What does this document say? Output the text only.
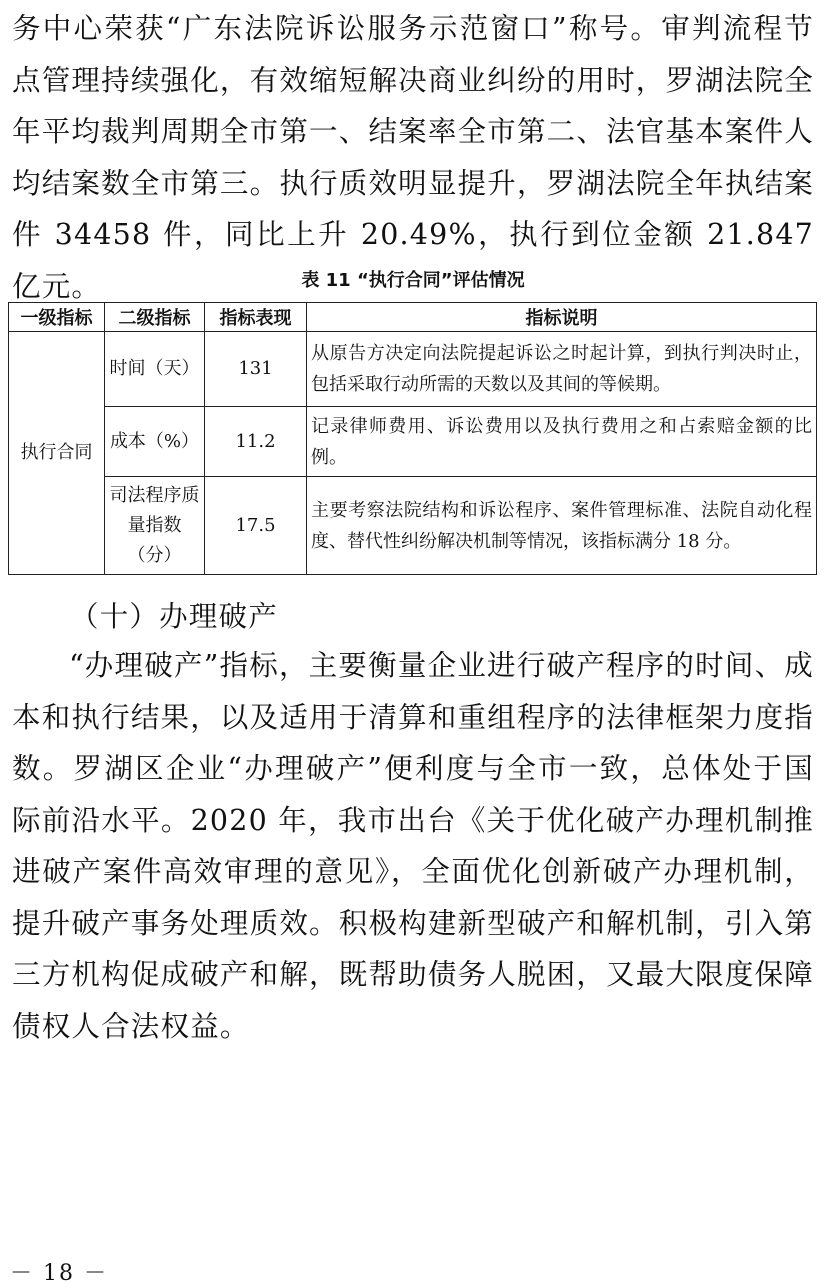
务中心荣获“广东法院诉讼服务示范窗口”称号。审判流程节点管理持续强化，有效缩短解决商业纠纷的用时，罗湖法院全年平均裁判周期全市第一、结案率全市第二、法官基本案件人均结案数全市第三。执行质效明显提升，罗湖法院全年执结案件 34458 件，同比上升 20.49%，执行到位金额 21.847 亿元。	表 11 “执行合同”评估情况
一级指标	二级指标	指标表现	指标说明
执行合同	时间（天）	131	从原告方决定向法院提起诉讼之时起计算，到执行判决时止，包括采取行动所需的天数以及其间的等候期。
	成本（%）	11.2	记录律师费用、诉讼费用以及执行费用之和占索赔金额的比例。
	司法程序质量指数（分）	17.5	主要考察法院结构和诉讼程序、案件管理标准、法院自动化程度、替代性纠纷解决机制等情况，该指标满分 18 分。
（十）办理破产

“办理破产”指标，主要衡量企业进行破产程序的时间、成本和执行结果，以及适用于清算和重组程序的法律框架力度指数。罗湖区企业“办理破产”便利度与全市一致，总体处于国际前沿水平。2020 年，我市出台《关于优化破产办理机制推进破产案件高效审理的意见》，全面优化创新破产办理机制，提升破产事务处理质效。积极构建新型破产和解机制，引入第三方机构促成破产和解，既帮助债务人脱困，又最大限度保障债权人合法权益。

－ 18 －
